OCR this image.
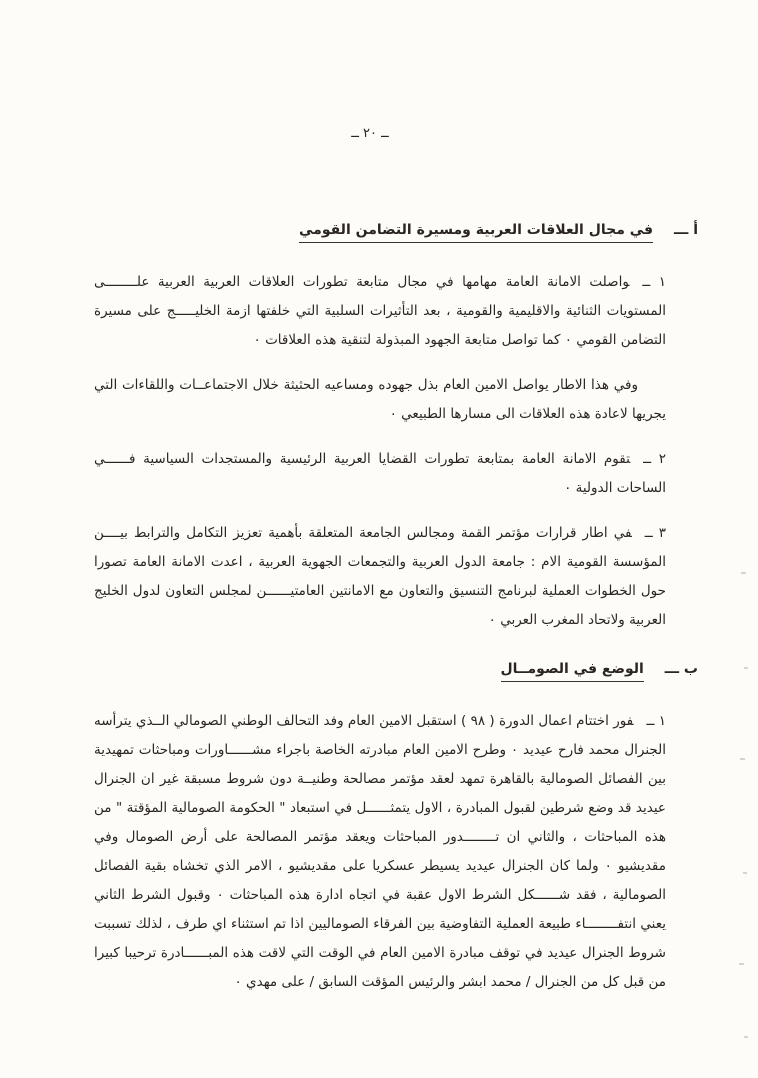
ــ ٢٠ ــ
أ ـــ في مجال العلاقات العربية ومسيرة التضامن القومي

١ ــواصلت الامانة العامة مهامها في مجال متابعة تطورات العلاقات العربية العربية علــــــــى المستويات الثنائية والاقليمية والقومية ، بعد التأثيرات السلبية التي خلفتها ازمة الخليـــــج على مسيرة التضامن القومي ۰ كما تواصل متابعة الجهود المبذولة لتنقية هذه العلاقات ۰

وفي هذا الاطار يواصل الامين العام بذل جهوده ومساعيه الحثيثة خلال الاجتماعــات واللقاءات التي يجريها لاعادة هذه العلاقات الى مسارها الطبيعي ۰

٢ ــتقوم الامانة العامة بمتابعة تطورات القضايا العربية الرئيسية والمستجدات السياسية فــــــي الساحات الدولية ۰

٣ ــفي اطار قرارات مؤتمر القمة ومجالس الجامعة المتعلقة بأهمية تعزيز التكامل والترابط بيــــن المؤسسة القومية الام : جامعة الدول العربية والتجمعات الجهوية العربية ، اعدت الامانة العامة تصورا حول الخطوات العملية لبرنامج التنسيق والتعاون مع الامانتين العامتيــــــن لمجلس التعاون لدول الخليج العربية ولاتحاد المغرب العربي ۰

ب ـــ الوضع في الصومــال

١ ــفور اختتام اعمال الدورة ( ٩٨ ) استقبل الامين العام وفد التحالف الوطني الصومالي الــذي يترأسه الجنرال محمد فارح عيديد ۰ وطرح الامين العام مبادرته الخاصة باجراء مشــــــاورات ومباحثات تمهيدية بين الفصائل الصومالية بالقاهرة تمهد لعقد مؤتمر مصالحة وطنيــة دون شروط مسبقة غير ان الجنرال عيديد قد وضع شرطين لقبول المبادرة ، الاول يتمثــــــل في استبعاد " الحكومة الصومالية المؤقتة " من هذه المباحثات ، والثاني ان تــــــــدور المباحثات ويعقد مؤتمر المصالحة على أرض الصومال وفي مقديشيو ۰ ولما كان الجنرال عيديد يسيطر عسكريا على مقديشيو ، الامر الذي تخشاه بقية الفصائل الصومالية ، فقد شــــــكل الشرط الاول عقبة في اتجاه ادارة هذه المباحثات ۰ وقبول الشرط الثاني يعني انتفــــــــاء طبيعة العملية التفاوضية بين الفرقاء الصوماليين اذا تم استثناء اي طرف ، لذلك تسببت شروط الجنرال عيديد في توقف مبادرة الامين العام في الوقت التي لاقت هذه المبــــــادرة ترحيبا كبيرا من قبل كل من الجنرال / محمد ابشر والرئيس المؤقت السابق / على مهدي ۰
